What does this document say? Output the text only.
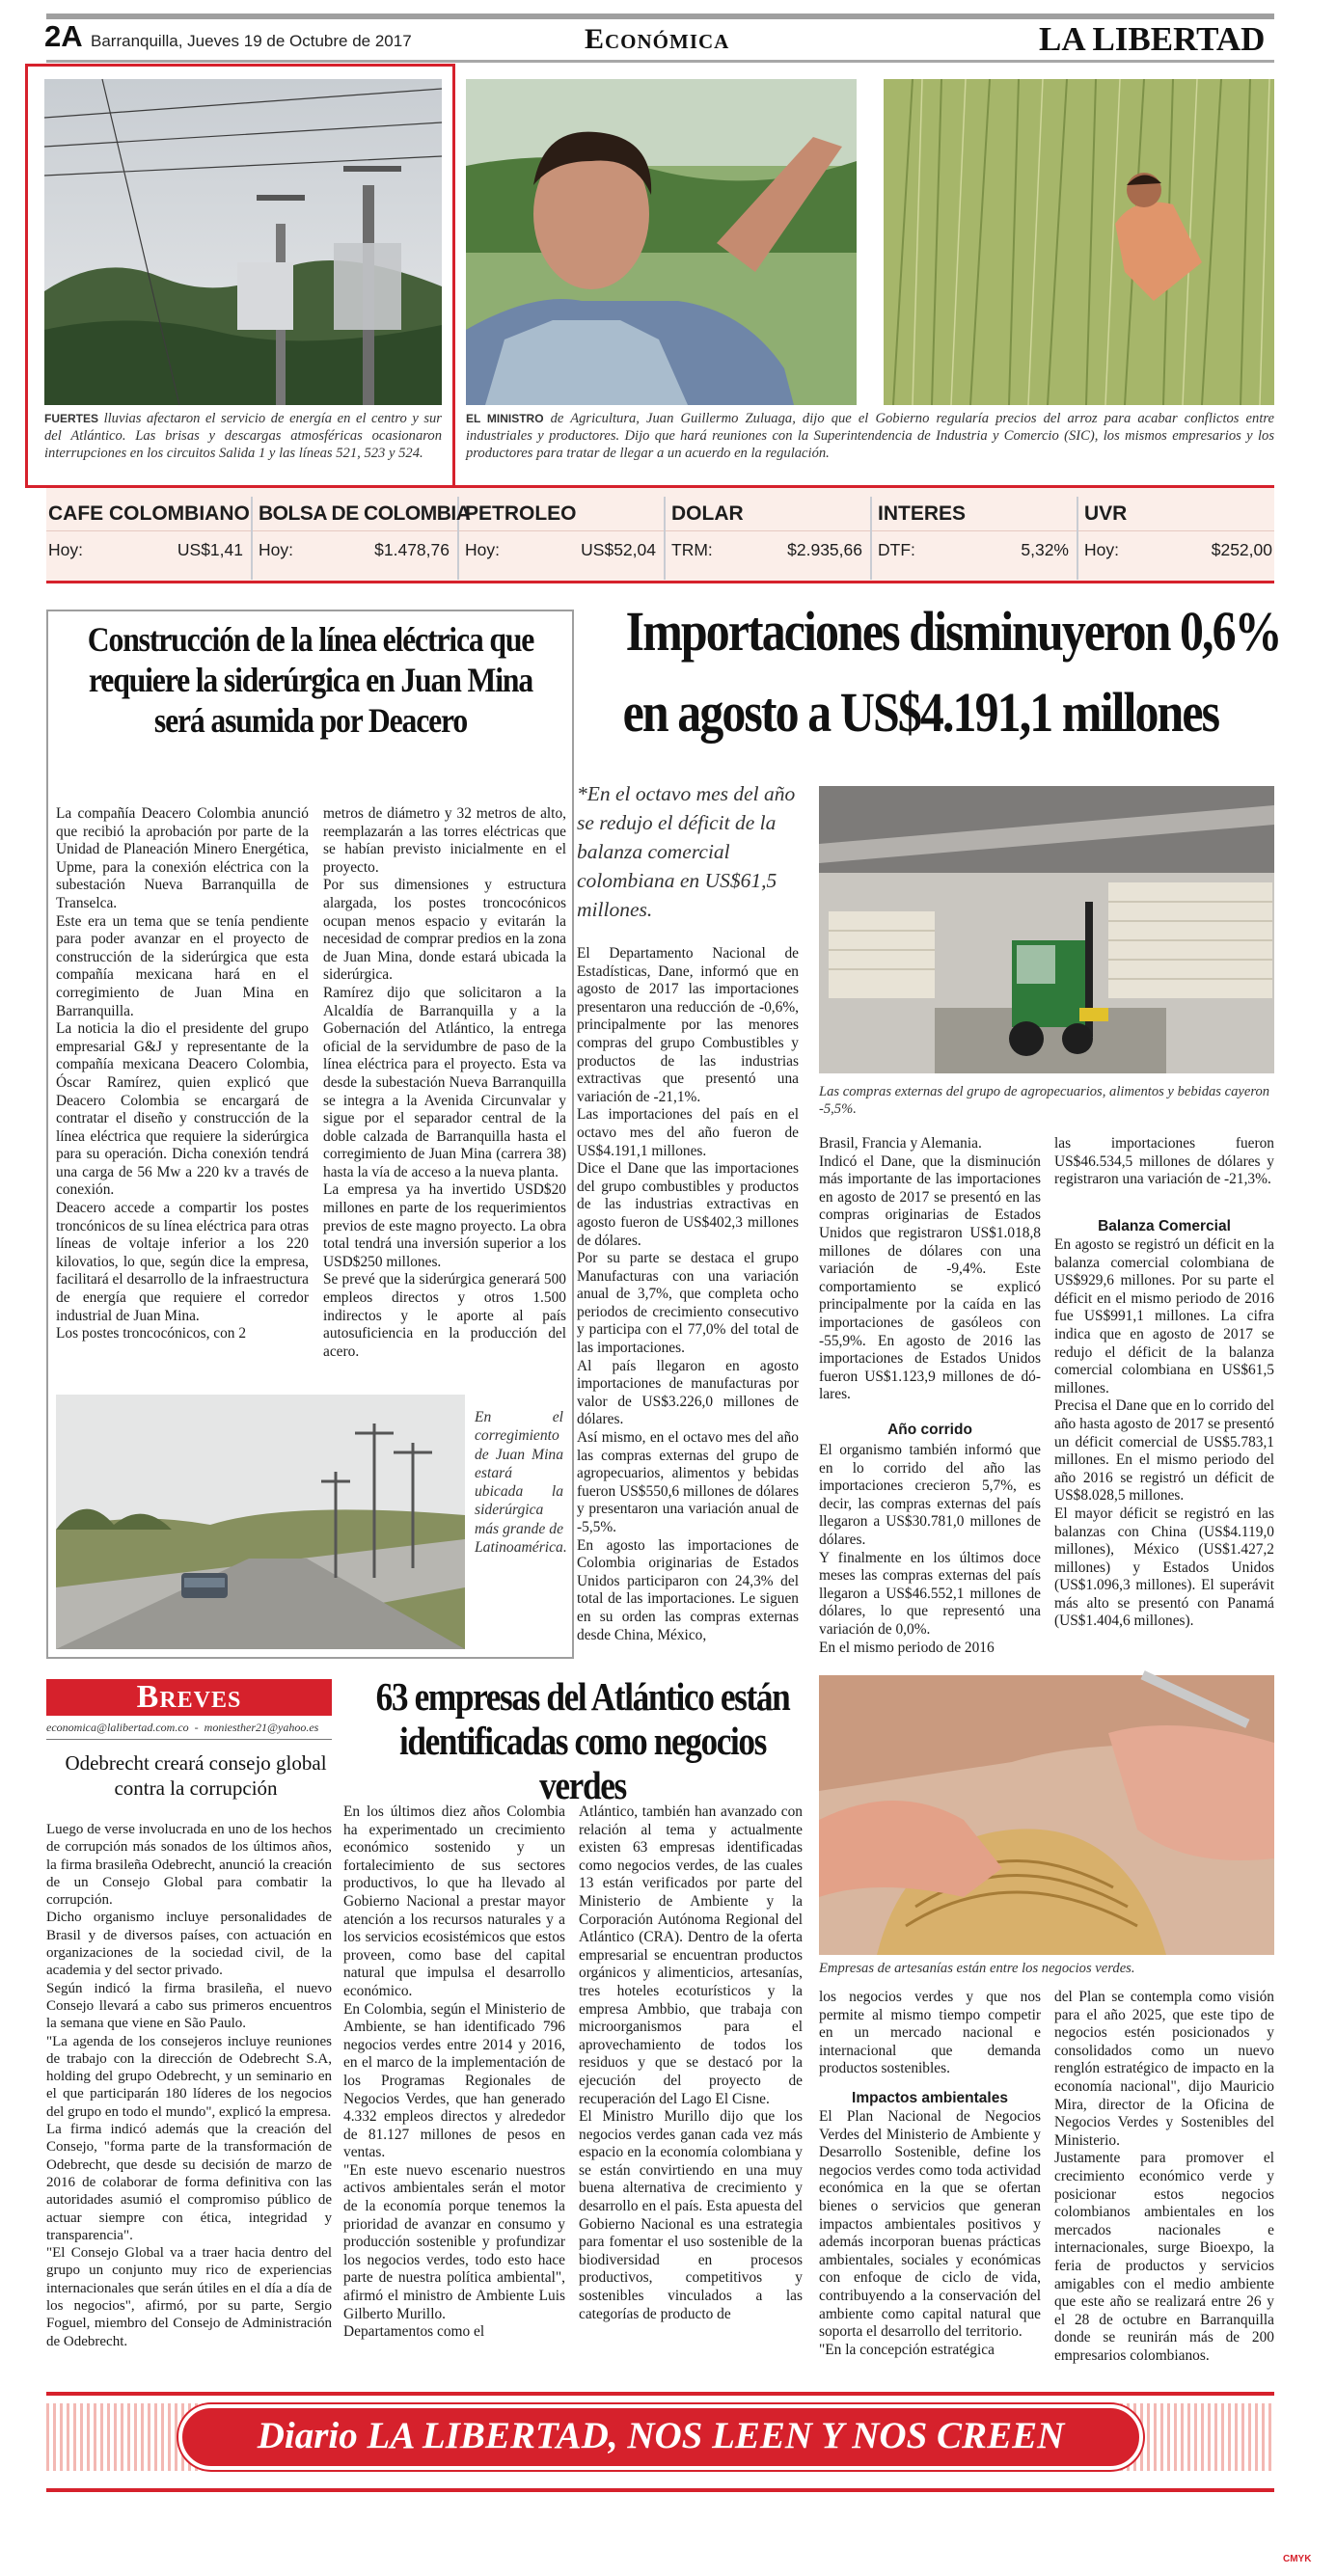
2A Barranquilla, Jueves 19 de Octubre de 2017	Económica	LA LIBERTAD
FUERTES lluvias afectaron el servicio de energía en el centro y sur del Atlántico. Las brisas y descargas atmosféricas ocasionaron interrupciones en los circuitos Salida 1 y las líneas 521, 523 y 524.
EL MINISTRO de Agricultura, Juan Guillermo Zuluaga, dijo que el Gobierno regularía precios del arroz para acabar conflictos entre industriales y productores. Dijo que hará reuniones con la Superintendencia de Industria y Comercio (SIC), los mismos empresarios y los productores para tratar de llegar a un acuerdo en la regulación.
CAFE COLOMBIANO
Hoy:	US$1,41
BOLSA DE COLOMBIA
Hoy:	$1.478,76
PETROLEO
Hoy:	US$52,04
DOLAR
TRM:	$2.935,66
INTERES
DTF:	5,32%
UVR
Hoy:	$252,00
Construcción de la línea eléctrica que requiere la siderúrgica en Juan Mina será asumida por Deacero
La compañía Deacero Colombia anunció que recibió la aprobación por parte de la Unidad de Planeación Minero Energética, Upme, para la conexión eléctrica con la subestación Nueva Barranquilla de Transelca.
Este era un tema que se tenía pendiente para poder avanzar en el proyecto de construcción de la siderúrgica que esta compañía mexicana hará en el corregimiento de Juan Mina en Barranquilla.
La noticia la dio el presidente del grupo empresarial G&J y representante de la compañía mexicana Deacero Colombia, Óscar Ramírez, quien explicó que Deacero Colombia se encargará de contratar el diseño y construcción de la línea eléctrica que requiere la siderúrgica para su operación. Dicha conexión tendrá una carga de 56 Mw a 220 kv a través de conexión.
Deacero accede a compartir los postes troncónicos de su línea eléctrica para otras líneas de voltaje inferior a los 220 kilovatios, lo que, según dice la empresa, facilitará el desarrollo de la infraestructura de energía que requiere el corredor industrial de Juan Mina.
Los postes troncocónicos, con 2
metros de diámetro y 32 metros de alto, reemplazarán a las torres eléctricas que se habían previsto inicialmente en el proyecto.
Por sus dimensiones y estructura alargada, los postes troncocónicos ocupan menos espacio y evitarán la necesidad de comprar predios en la zona de Juan Mina, donde estará ubicada la siderúrgica.
Ramírez dijo que solicitaron a la Alcaldía de Barranquilla y a la Gobernación del Atlántico, la entrega oficial de la servidumbre de paso de la línea eléctrica para el proyecto. Esta va desde la subestación Nueva Barranquilla se integra a la Avenida Circunvalar y sigue por el separador central de la doble calzada de Barranquilla hasta el corregimiento de Juan Mina (carrera 38) hasta la vía de acceso a la nueva planta.
La empresa ya ha invertido USD$20 millones en parte de los requerimientos previos de este magno proyecto. La obra total tendrá una inversión superior a los USD$250 millones.
Se prevé que la siderúrgica generará 500 empleos directos y otros 1.500 indirectos y le aporte al país autosuficiencia en la producción del acero.
En el corregimiento de Juan Mina estará ubicada la siderúrgica más grande de Latinoamérica.
Importaciones disminuyeron 0,6%
en agosto a US$4.191,1 millones
*En el octavo mes del año se redujo el déficit de la balanza comercial colombiana en US$61,5 millones.
El Departamento Nacional de Estadísticas, Dane, informó que en agosto de 2017 las importaciones presentaron una reducción de -0,6%, principalmente por las menores compras del grupo Combustibles y productos de las industrias extractivas que presentó una variación de -21,1%.
Las importaciones del país en el octavo mes del año fueron de US$4.191,1 millones.
Dice el Dane que las importaciones del grupo combustibles y productos de las industrias extractivas en agosto fueron de US$402,3 millones de dólares.
Por su parte se destaca el grupo Manufacturas con una variación anual de 3,7%, que completa ocho periodos de crecimiento consecutivo y participa con el 77,0% del total de las importaciones.
Al país llegaron en agosto importaciones de manufacturas por valor de US$3.226,0 millones de dólares.
Así mismo, en el octavo mes del año las compras externas del grupo de agropecuarios, alimentos y bebidas fueron US$550,6 millones de dólares y presentaron una variación anual de -5,5%.
En agosto las importaciones de Colombia originarias de Estados Unidos participaron con 24,3% del total de las importaciones. Le siguen en su orden las compras externas desde China, México,
Las compras externas del grupo de agropecuarios, alimentos y bebidas cayeron -5,5%.
Brasil, Francia y Alemania.
Indicó el Dane, que la disminución más importante de las importaciones en agosto de 2017 se presentó en las compras originarias de Estados Unidos que registraron US$1.018,8 millones de dólares con una variación de -9,4%. Este comportamiento se explicó principalmente por la caída en las importaciones de gasóleos con -55,9%. En agosto de 2016 las importaciones de Estados Unidos fueron US$1.123,9 millones de dó-lares.
Año corrido
El organismo también informó que en lo corrido del año las importaciones crecieron 5,7%, es decir, las compras externas del país llegaron a US$30.781,0 millones de dólares.
Y finalmente en los últimos doce meses las compras externas del país llegaron a US$46.552,1 millones de dólares, lo que representó una variación de 0,0%.
En el mismo periodo de 2016
las importaciones fueron US$46.534,5 millones de dólares y registraron una variación de -21,3%.
Balanza Comercial
En agosto se registró un déficit en la balanza comercial colombiana de US$929,6 millones. Por su parte el déficit en el mismo periodo de 2016 fue US$991,1 millones. La cifra indica que en agosto de 2017 se redujo el déficit de la balanza comercial colombiana en US$61,5 millones.
Precisa el Dane que en lo corrido del año hasta agosto de 2017 se presentó un déficit comercial de US$5.783,1 millones. En el mismo periodo del año 2016 se registró un déficit de US$8.028,5 millones.
El mayor déficit se registró en las balanzas con China (US$4.119,0 millones), México (US$1.427,2 millones) y Estados Unidos (US$1.096,3 millones). El superávit más alto se presentó con Panamá (US$1.404,6 millones).
Breves
economica@lalibertad.com.co  -  moniesther21@yahoo.es
Odebrecht creará consejo global contra la corrupción
Luego de verse involucrada en uno de los hechos de corrupción más sonados de los últimos años, la firma brasileña Odebrecht, anunció la creación de un Consejo Global para combatir la corrupción.
Dicho organismo incluye personalidades de Brasil y de diversos países, con actuación en organizaciones de la sociedad civil, de la academia y del sector privado.
Según indicó la firma brasileña, el nuevo Consejo llevará a cabo sus primeros encuentros la semana que viene en São Paulo.
"La agenda de los consejeros incluye reuniones de trabajo con la dirección de Odebrecht S.A, holding del grupo Odebrecht, y un seminario en el que participarán 180 líderes de los negocios del grupo en todo el mundo", explicó la empresa.
La firma indicó además que la creación del Consejo, "forma parte de la transformación de Odebrecht, que desde su decisión de marzo de 2016 de colaborar de forma definitiva con las autoridades asumió el compromiso público de actuar siempre con ética, integridad y transparencia".
"El Consejo Global va a traer hacia dentro del grupo un conjunto muy rico de experiencias internacionales que serán útiles en el día a día de los negocios", afirmó, por su parte, Sergio Foguel, miembro del Consejo de Administración de Odebrecht.
63 empresas del Atlántico están identificadas como negocios verdes
En los últimos diez años Colombia ha experimentado un crecimiento económico sostenido y un fortalecimiento de sus sectores productivos, lo que ha llevado al Gobierno Nacional a prestar mayor atención a los recursos naturales y a los servicios ecosistémicos que estos proveen, como base del capital natural que impulsa el desarrollo económico.
En Colombia, según el Ministerio de Ambiente, se han identificado 796 negocios verdes entre 2014 y 2016, en el marco de la implementación de los Programas Regionales de Negocios Verdes, que han generado 4.332 empleos directos y alrededor de 81.127 millones de pesos en ventas.
"En este nuevo escenario nuestros activos ambientales serán el motor de la economía porque tenemos la prioridad de avanzar en consumo y producción sostenible y profundizar los negocios verdes, todo esto hace parte de nuestra política ambiental", afirmó el ministro de Ambiente Luis Gilberto Murillo.
Departamentos como el
Atlántico, también han avanzado con relación al tema y actualmente existen 63 empresas identificadas como negocios verdes, de las cuales 13 están verificados por parte del Ministerio de Ambiente y la Corporación Autónoma Regional del Atlántico (CRA). Dentro de la oferta empresarial se encuentran productos orgánicos y alimenticios, artesanías, tres hoteles ecoturísticos y la empresa Ambbio, que trabaja con microorganismos para el aprovechamiento de todos los residuos y que se destacó por la ejecución del proyecto de recuperación del Lago El Cisne.
El Ministro Murillo dijo que los negocios verdes ganan cada vez más espacio en la economía colombiana y se están convirtiendo en una muy buena alternativa de crecimiento y desarrollo en el país. Esta apuesta del Gobierno Nacional es una estrategia para fomentar el uso sostenible de la biodiversidad en procesos productivos, competitivos y sostenibles vinculados a las categorías de producto de
Empresas de artesanías están entre los negocios verdes.
los negocios verdes y que nos permite al mismo tiempo competir en un mercado nacional e internacional que demanda productos sostenibles.
Impactos ambientales
El Plan Nacional de Negocios Verdes del Ministerio de Ambiente y Desarrollo Sostenible, define los negocios verdes como toda actividad económica en la que se ofertan bienes o servicios que generan impactos ambientales positivos y además incorporan buenas prácticas ambientales, sociales y económicas con enfoque de ciclo de vida, contribuyendo a la conservación del ambiente como capital natural que soporta el desarrollo del territorio.
"En la concepción estratégica
del Plan se contempla como visión para el año 2025, que este tipo de negocios estén posicionados y consolidados como un nuevo renglón estratégico de impacto en la economía nacional", dijo Mauricio Mira, director de la Oficina de Negocios Verdes y Sostenibles del Ministerio.
Justamente para promover el crecimiento económico verde y posicionar estos negocios colombianos ambientales en los mercados nacionales e internacionales, surge Bioexpo, la feria de productos y servicios amigables con el medio ambiente que este año se realizará entre 26 y el 28 de octubre en Barranquilla donde se reunirán más de 200 empresarios colombianos.
Diario LA LIBERTAD, NOS LEEN Y NOS CREEN
CMYK
